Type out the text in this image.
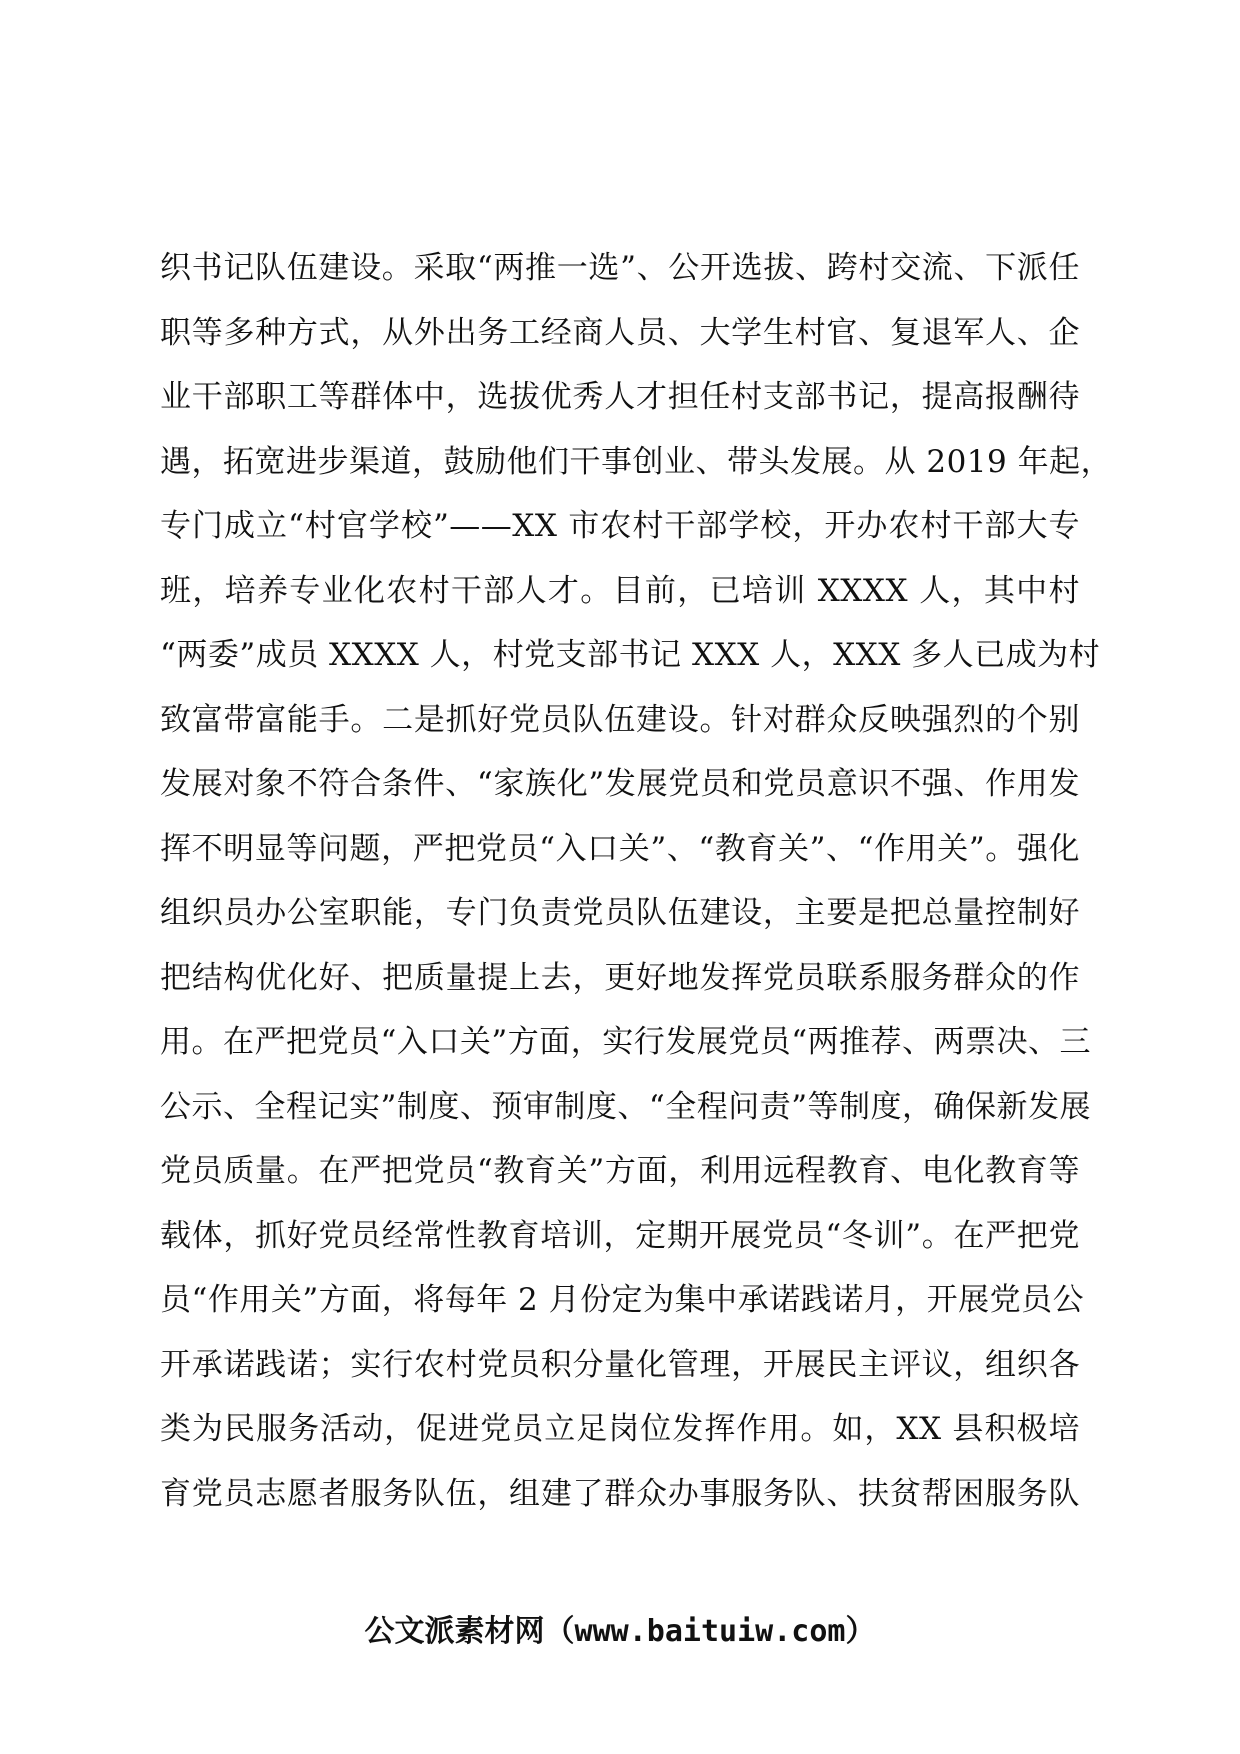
织书记队伍建设。采取“两推一选”、公开选拔、跨村交流、下派任
职等多种方式，从外出务工经商人员、大学生村官、复退军人、企
业干部职工等群体中，选拔优秀人才担任村支部书记，提高报酬待
遇，拓宽进步渠道，鼓励他们干事创业、带头发展。从 2019 年起，
专门成立“村官学校”——XX 市农村干部学校，开办农村干部大专
班，培养专业化农村干部人才。目前，已培训 XXXX 人，其中村
“两委”成员 XXXX 人，村党支部书记 XXX 人，XXX 多人已成为村
致富带富能手。二是抓好党员队伍建设。针对群众反映强烈的个别
发展对象不符合条件、“家族化”发展党员和党员意识不强、作用发
挥不明显等问题，严把党员“入口关”、“教育关”、“作用关”。强化
组织员办公室职能，专门负责党员队伍建设，主要是把总量控制好
把结构优化好、把质量提上去，更好地发挥党员联系服务群众的作
用。在严把党员“入口关”方面，实行发展党员“两推荐、两票决、三
公示、全程记实”制度、预审制度、“全程问责”等制度，确保新发展
党员质量。在严把党员“教育关”方面，利用远程教育、电化教育等
载体，抓好党员经常性教育培训，定期开展党员“冬训”。在严把党
员“作用关”方面，将每年 2 月份定为集中承诺践诺月，开展党员公
开承诺践诺；实行农村党员积分量化管理，开展民主评议，组织各
类为民服务活动，促进党员立足岗位发挥作用。如，XX 县积极培
育党员志愿者服务队伍，组建了群众办事服务队、扶贫帮困服务队
公文派素材网（www.baituiw.com）
